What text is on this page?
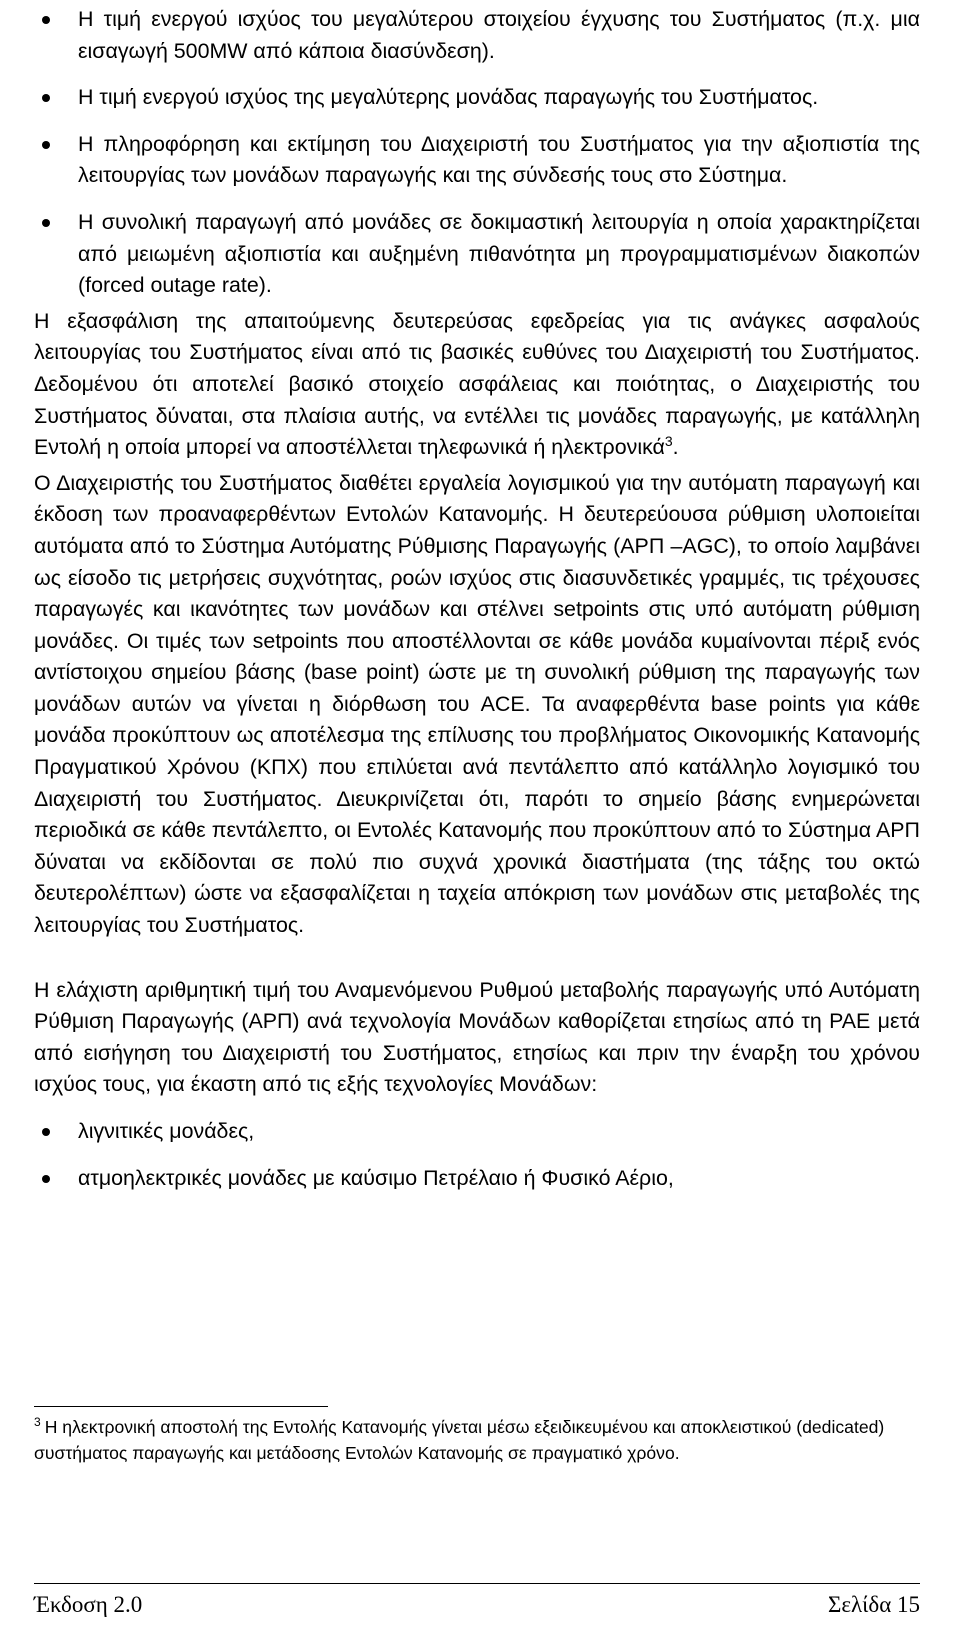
Η τιμή ενεργού ισχύος του μεγαλύτερου στοιχείου έγχυσης του Συστήματος (π.χ. μια εισαγωγή 500MW από κάποια διασύνδεση).
Η τιμή ενεργού ισχύος της μεγαλύτερης μονάδας παραγωγής του Συστήματος.
Η πληροφόρηση και εκτίμηση του Διαχειριστή του Συστήματος για την αξιοπιστία της λειτουργίας των μονάδων παραγωγής και της σύνδεσής τους στο Σύστημα.
Η συνολική παραγωγή από μονάδες σε δοκιμαστική λειτουργία η οποία χαρακτηρίζεται από μειωμένη αξιοπιστία και αυξημένη πιθανότητα μη προγραμματισμένων διακοπών (forced outage rate).

Η εξασφάλιση της απαιτούμενης δευτερεύσας εφεδρείας για τις ανάγκες ασφαλούς λειτουργίας του Συστήματος είναι από τις βασικές ευθύνες του Διαχειριστή του Συστήματος. Δεδομένου ότι αποτελεί βασικό στοιχείο ασφάλειας και ποιότητας, ο Διαχειριστής του Συστήματος δύναται, στα πλαίσια αυτής, να εντέλλει τις μονάδες παραγωγής, με κατάλληλη Εντολή η οποία μπορεί να αποστέλλεται τηλεφωνικά ή ηλεκτρονικά$^3$.

Ο Διαχειριστής του Συστήματος διαθέτει εργαλεία λογισμικού για την αυτόματη παραγωγή και έκδοση των προαναφερθέντων Εντολών Κατανομής. Η δευτερεύουσα ρύθμιση υλοποιείται αυτόματα από το Σύστημα Αυτόματης Ρύθμισης Παραγωγής (ΑΡΠ –AGC), το οποίο λαμβάνει ως είσοδο τις μετρήσεις συχνότητας, ροών ισχύος στις διασυνδετικές γραμμές, τις τρέχουσες παραγωγές και ικανότητες των μονάδων και στέλνει setpoints στις υπό αυτόματη ρύθμιση μονάδες. Οι τιμές των setpoints που αποστέλλονται σε κάθε μονάδα κυμαίνονται πέριξ ενός αντίστοιχου σημείου βάσης (base point) ώστε με τη συνολική ρύθμιση της παραγωγής των μονάδων αυτών να γίνεται η διόρθωση του ACE. Τα αναφερθέντα base points για κάθε μονάδα προκύπτουν ως αποτέλεσμα της επίλυσης του προβλήματος Οικονομικής Κατανομής Πραγματικού Χρόνου (ΚΠΧ) που επιλύεται ανά πεντάλεπτο από κατάλληλο λογισμικό του Διαχειριστή του Συστήματος. Διευκρινίζεται ότι, παρότι το σημείο βάσης ενημερώνεται περιοδικά σε κάθε πεντάλεπτο, οι Εντολές Κατανομής που προκύπτουν από το Σύστημα ΑΡΠ δύναται να εκδίδονται σε πολύ πιο συχνά χρονικά διαστήματα (της τάξης του οκτώ δευτερολέπτων) ώστε να εξασφαλίζεται η ταχεία απόκριση των μονάδων στις μεταβολές της λειτουργίας του Συστήματος.

Η ελάχιστη αριθμητική τιμή του Αναμενόμενου Ρυθμού μεταβολής παραγωγής υπό Αυτόματη Ρύθμιση Παραγωγής (ΑΡΠ) ανά τεχνολογία Μονάδων καθορίζεται ετησίως από τη ΡΑΕ μετά από εισήγηση του Διαχειριστή του Συστήματος, ετησίως και πριν την έναρξη του χρόνου ισχύος τους, για έκαστη από τις εξής τεχνολογίες Μονάδων:

λιγνιτικές μονάδες,
ατμοηλεκτρικές μονάδες με καύσιμο Πετρέλαιο ή Φυσικό Αέριο,
$^3$ Η ηλεκτρονική αποστολή της Εντολής Κατανομής γίνεται μέσω εξειδικευμένου και αποκλειστικού (dedicated) συστήματος παραγωγής και μετάδοσης Εντολών Κατανομής σε πραγματικό χρόνο.
Έκδοση 2.0	Σελίδα 15
